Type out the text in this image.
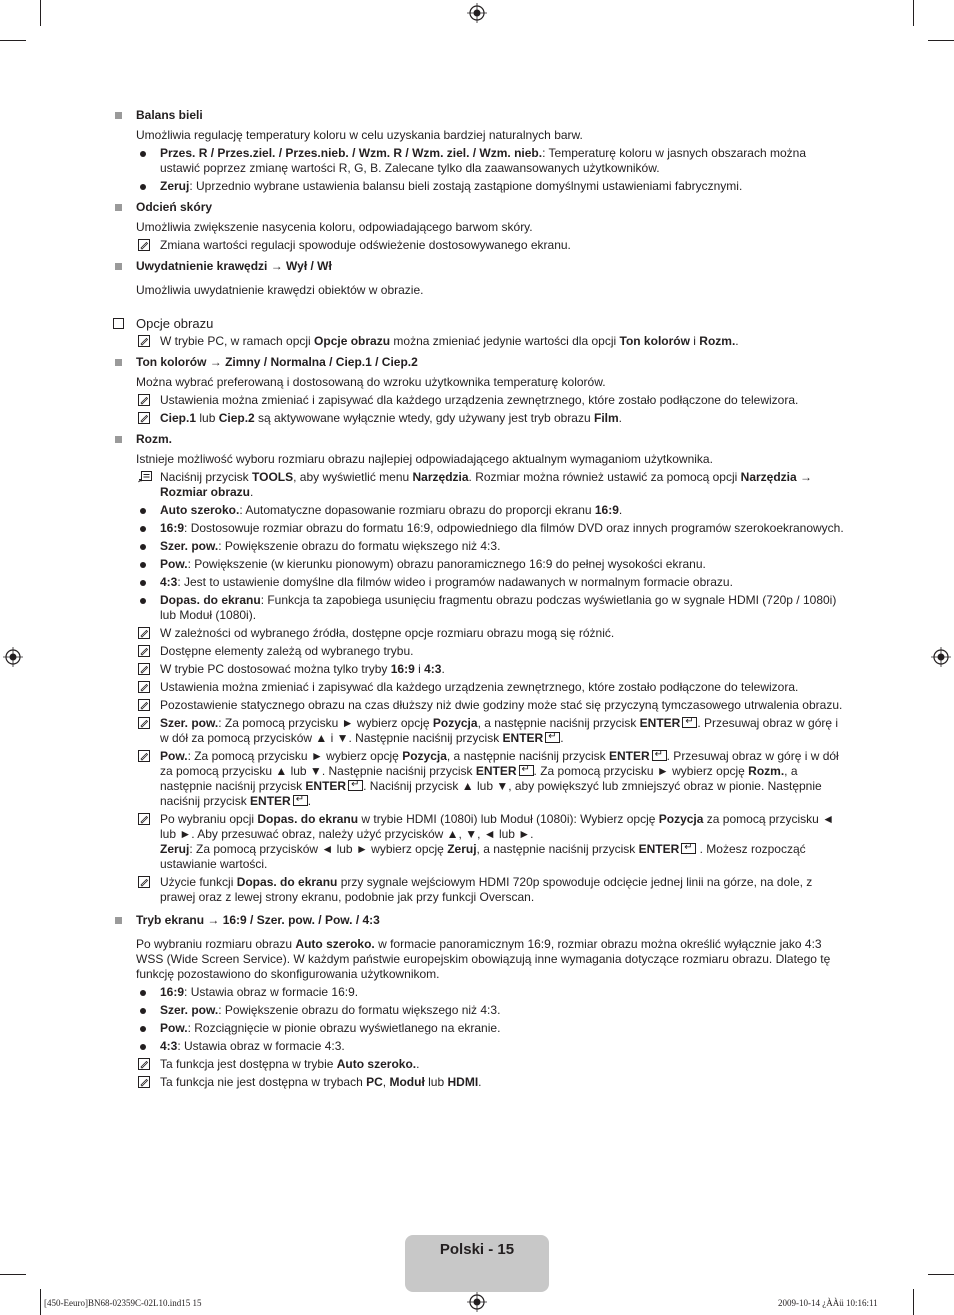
Balans bieli
Umożliwia regulację temperatury koloru w celu uzyskania bardziej naturalnych barw.
Przes. R / Przes.ziel. / Przes.nieb. / Wzm. R / Wzm. ziel. / Wzm. nieb.: Temperaturę koloru w jasnych obszarach można ustawić poprzez zmianę wartości R, G, B. Zalecane tylko dla zaawansowanych użytkowników.
Zeruj: Uprzednio wybrane ustawienia balansu bieli zostają zastąpione domyślnymi ustawieniami fabrycznymi.
Odcień skóry
Umożliwia zwiększenie nasycenia koloru, odpowiadającego barwom skóry.
Zmiana wartości regulacji spowoduje odświeżenie dostosowywanego ekranu.
Uwydatnienie krawędzi → Wył / Wł
Umożliwia uwydatnienie krawędzi obiektów w obrazie.
Opcje obrazu
W trybie PC, w ramach opcji Opcje obrazu można zmieniać jedynie wartości dla opcji Ton kolorów i Rozm..
Ton kolorów → Zimny / Normalna / Ciep.1 / Ciep.2
Można wybrać preferowaną i dostosowaną do wzroku użytkownika temperaturę kolorów.
Ustawienia można zmieniać i zapisywać dla każdego urządzenia zewnętrznego, które zostało podłączone do telewizora.
Ciep.1 lub Ciep.2 są aktywowane wyłącznie wtedy, gdy używany jest tryb obrazu Film.
Rozm.
Istnieje możliwość wyboru rozmiaru obrazu najlepiej odpowiadającego aktualnym wymaganiom użytkownika.
Naciśnij przycisk TOOLS, aby wyświetlić menu Narzędzia. Rozmiar można również ustawić za pomocą opcji Narzędzia → Rozmiar obrazu.
Auto szeroko.: Automatyczne dopasowanie rozmiaru obrazu do proporcji ekranu 16:9.
16:9: Dostosowuje rozmiar obrazu do formatu 16:9, odpowiedniego dla filmów DVD oraz innych programów szerokoekranowych.
Szer. pow.: Powiększenie obrazu do formatu większego niż 4:3.
Pow.: Powiększenie (w kierunku pionowym) obrazu panoramicznego 16:9 do pełnej wysokości ekranu.
4:3: Jest to ustawienie domyślne dla filmów wideo i programów nadawanych w normalnym formacie obrazu.
Dopas. do ekranu: Funkcja ta zapobiega usunięciu fragmentu obrazu podczas wyświetlania go w sygnale HDMI (720p / 1080i) lub Moduł (1080i).
W zależności od wybranego źródła, dostępne opcje rozmiaru obrazu mogą się różnić.
Dostępne elementy zależą od wybranego trybu.
W trybie PC dostosować można tylko tryby 16:9 i 4:3.
Ustawienia można zmieniać i zapisywać dla każdego urządzenia zewnętrznego, które zostało podłączone do telewizora.
Pozostawienie statycznego obrazu na czas dłuższy niż dwie godziny może stać się przyczyną tymczasowego utrwalenia obrazu.
Szer. pow.: Za pomocą przycisku ► wybierz opcję Pozycja, a następnie naciśnij przycisk ENTER ↵ . Przesuwaj obraz w górę i w dół za pomocą przycisków ▲ i ▼. Następnie naciśnij przycisk ENTER ↵ .
Pow.: Za pomocą przycisku ► wybierz opcję Pozycja, a następnie naciśnij przycisk ENTER ↵ . Przesuwaj obraz w górę i w dół za pomocą przycisku ▲ lub ▼. Następnie naciśnij przycisk ENTER ↵ . Za pomocą przycisku ► wybierz opcję Rozm., a następnie naciśnij przycisk ENTER ↵ . Naciśnij przycisk ▲ lub ▼, aby powiększyć lub zmniejszyć obraz w pionie. Następnie naciśnij przycisk ENTER ↵ .
Po wybraniu opcji Dopas. do ekranu w trybie HDMI (1080i) lub Moduł (1080i): Wybierz opcję Pozycja za pomocą przycisku ◄ lub ►. Aby przesuwać obraz, należy użyć przycisków ▲, ▼, ◄ lub ►.
Zeruj: Za pomocą przycisków ◄ lub ► wybierz opcję Zeruj, a następnie naciśnij przycisk ENTER↵ . Możesz rozpocząć ustawianie wartości.
Użycie funkcji Dopas. do ekranu przy sygnale wejściowym HDMI 720p spowoduje odcięcie jednej linii na górze, na dole, z prawej oraz z lewej strony ekranu, podobnie jak przy funkcji Overscan.
Tryb ekranu → 16:9 / Szer. pow. / Pow. / 4:3
Po wybraniu rozmiaru obrazu Auto szeroko. w formacie panoramicznym 16:9, rozmiar obrazu można określić wyłącznie jako 4:3 WSS (Wide Screen Service). W każdym państwie europejskim obowiązują inne wymagania dotyczące rozmiaru obrazu. Dlatego tę funkcję pozostawiono do skonfigurowania użytkownikom.
16:9: Ustawia obraz w formacie 16:9.
Szer. pow.: Powiększenie obrazu do formatu większego niż 4:3.
Pow.: Rozciągnięcie w pionie obrazu wyświetlanego na ekranie.
4:3: Ustawia obraz w formacie 4:3.
Ta funkcja jest dostępna w trybie Auto szeroko..
Ta funkcja nie jest dostępna w trybach PC, Moduł lub HDMI.
Polski - 15
[450-Eeuro]BN68-02359C-02L10.ind15 15	2009-10-14 ¿ÀÀü 10:16:11
